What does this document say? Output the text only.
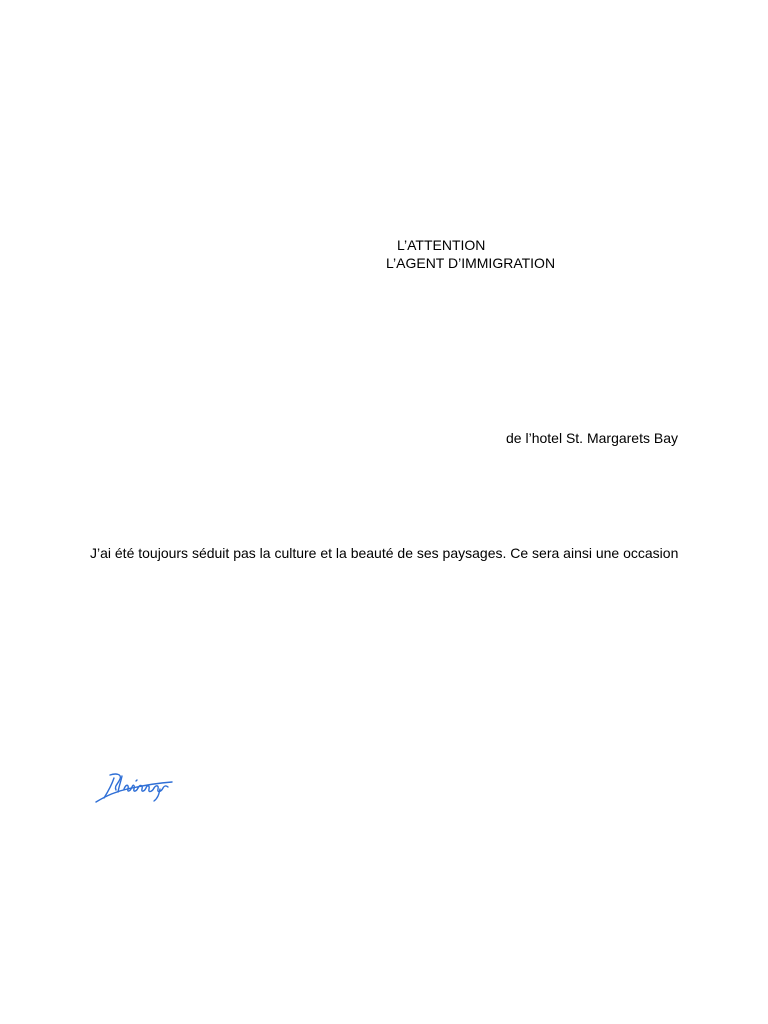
L’ATTENTION

L’AGENT D’IMMIGRATION

de l’hotel St. Margarets Bay

J’ai été toujours séduit pas la culture et la beauté de ses paysages. Ce sera ainsi une occasion
